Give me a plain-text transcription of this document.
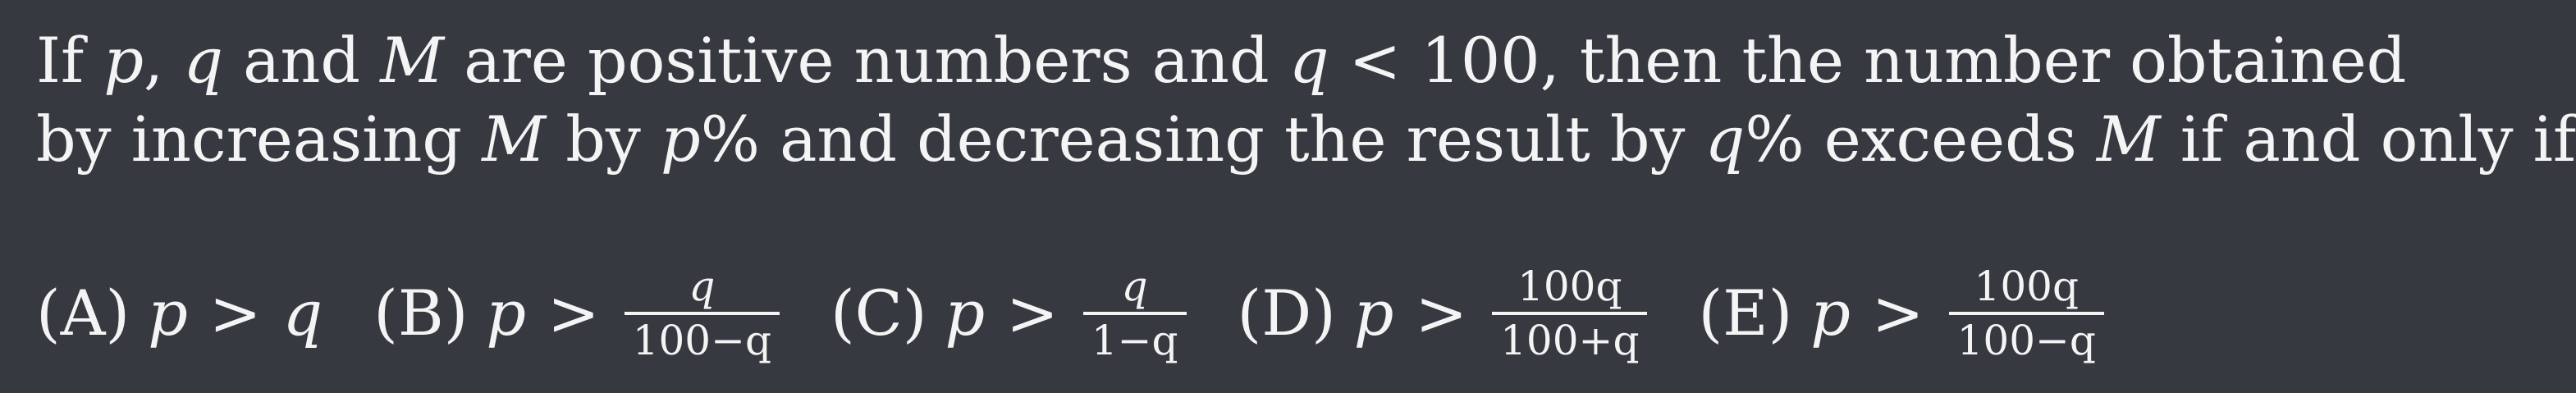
If p, q and M are positive numbers and q < 100, then the number obtained
by increasing M by p% and decreasing the result by q% exceeds M if and only if
(A) p > q (B) $p > \frac{q}{100-q} (C) p > \frac{q}{1-q} (D) p > \frac{100q}{100+q} (E) p > \frac{100q}{100-q}$
